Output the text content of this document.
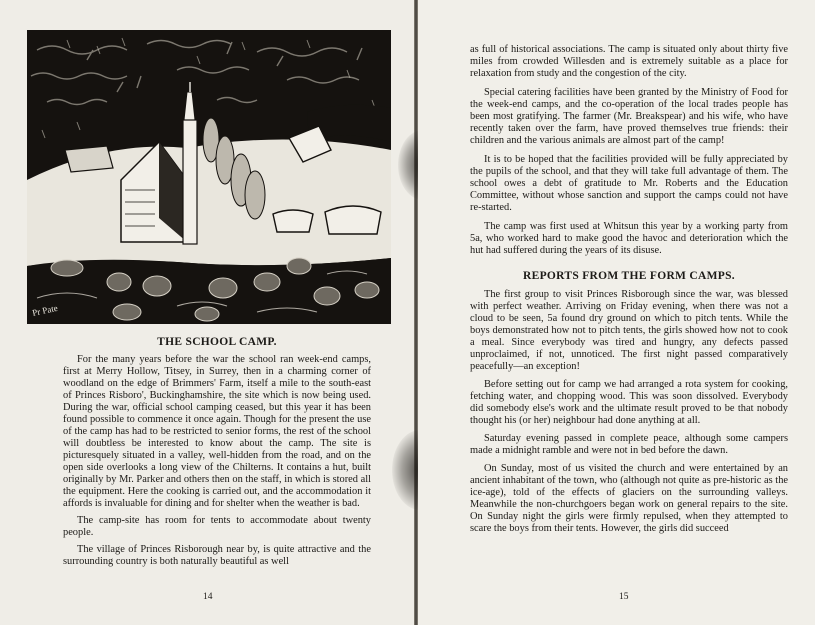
Pr Pate

THE SCHOOL CAMP.

For the many years before the war the school ran week-end camps, first at Merry Hollow, Titsey, in Surrey, then in a charming corner of woodland on the edge of Brimmers' Farm, itself a mile to the south-east of Princes Risboro', Buckinghamshire, the site which is now being used. During the war, official school camping ceased, but this year it has been found possible to commence it once again. Though for the present the use of the camp has had to be restricted to senior forms, the rest of the school will doubtless be interested to know about the camp. The site is picturesquely situated in a valley, well-hidden from the road, and on the open side overlooks a long view of the Chilterns. It contains a hut, built originally by Mr. Parker and others then on the staff, in which is stored all the equipment. Here the cooking is carried out, and the accommodation it affords is invaluable for dining and for shelter when the weather is bad.

The camp-site has room for tents to accommodate about twenty people.

The village of Princes Risborough near by, is quite attractive and the surrounding country is both naturally beautiful as well

14	15

as full of historical associations. The camp is situated only about thirty five miles from crowded Willesden and is extremely suitable as a place for relaxation from study and the congestion of the city.

Special catering facilities have been granted by the Ministry of Food for the week-end camps, and the co-operation of the local trades people has been most gratifying. The farmer (Mr. Breakspear) and his wife, who have recently taken over the farm, have proved themselves true friends: their children and the various animals are almost part of the camp!

It is to be hoped that the facilities provided will be fully appreciated by the pupils of the school, and that they will take full advantage of them. The school owes a debt of gratitude to Mr. Roberts and the Education Committee, without whose sanction and support the camps could not have re-started.

The camp was first used at Whitsun this year by a working party from 5a, who worked hard to make good the havoc and deterioration which the hut had suffered during the years of its disuse.

REPORTS FROM THE FORM CAMPS.

The first group to visit Princes Risborough since the war, was blessed with perfect weather. Arriving on Friday evening, when there was not a cloud to be seen, 5a found dry ground on which to pitch tents. While the boys demonstrated how not to pitch tents, the girls showed how not to cook a meal. Since everybody was tired and hungry, any defects passed unproclaimed, if not, unnoticed. The first night passed comparatively peacefully—an exception!

Before setting out for camp we had arranged a rota system for cooking, fetching water, and chopping wood. This was soon dissolved. Everybody did somebody else's work and the ultimate result proved to be that nobody thought his (or her) neighbour had done anything at all.

Saturday evening passed in complete peace, although some campers made a midnight ramble and were not in bed before the dawn.

On Sunday, most of us visited the church and were entertained by an ancient inhabitant of the town, who (although not quite as pre-historic as the ice-age), told of the effects of glaciers on the surrounding valleys. Meanwhile the non-churchgoers began work on general repairs to the site. On Sunday night the girls were firmly repulsed, when they attempted to scare the boys from their tents. However, the girls did succeed
